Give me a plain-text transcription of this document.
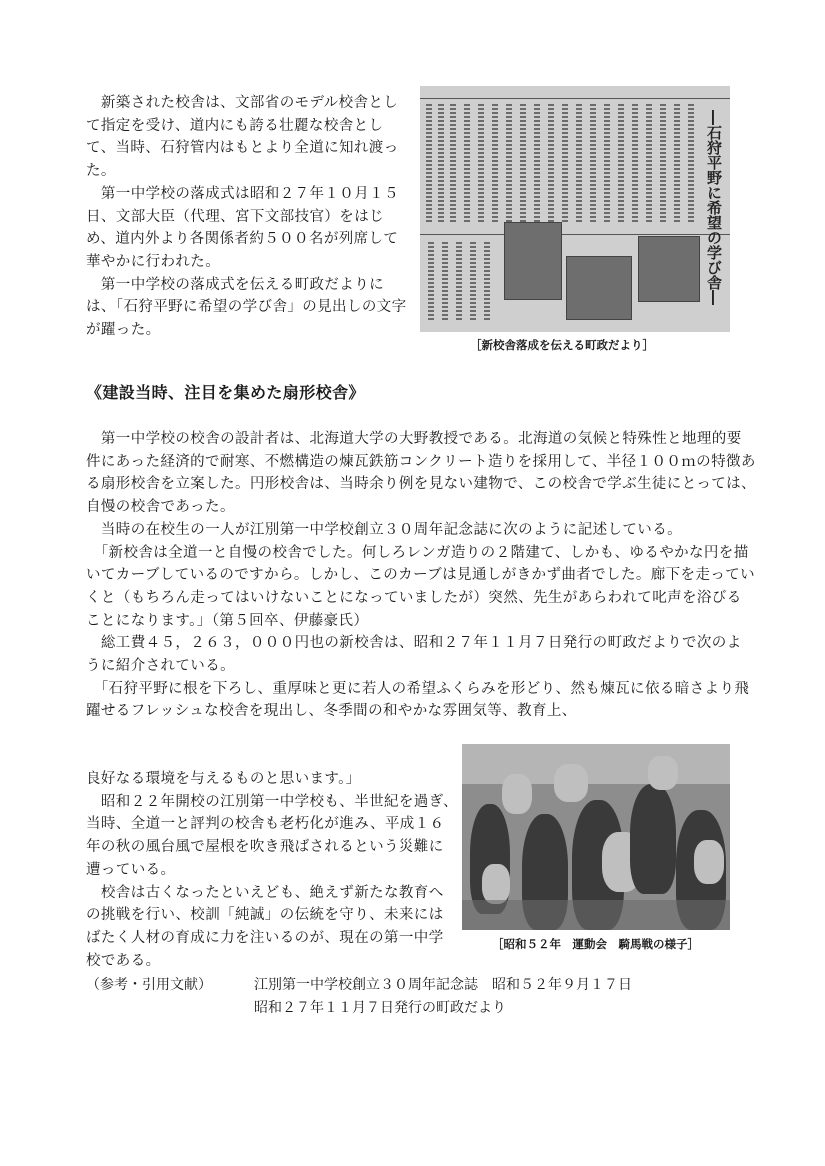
　新築された校舎は、文部省のモデル校舎として指定を受け、道内にも誇る壮麗な校舎として、当時、石狩管内はもとより全道に知れ渡った。

　第一中学校の落成式は昭和２７年１０月１５日、文部大臣（代理、宮下文部技官）をはじめ、道内外より各関係者約５００名が列席して華やかに行われた。

　第一中学校の落成式を伝える町政だよりには、「石狩平野に希望の学び舎」の見出しの文字が躍った。

―石狩平野に希望の学び舎―
［新校舎落成を伝える町政だより］
《建設当時、注目を集めた扇形校舎》

　第一中学校の校舎の設計者は、北海道大学の大野教授である。北海道の気候と特殊性と地理的要件にあった経済的で耐寒、不燃構造の煉瓦鉄筋コンクリート造りを採用して、半径１００ｍの特徴ある扇形校舎を立案した。円形校舎は、当時余り例を見ない建物で、この校舎で学ぶ生徒にとっては、自慢の校舎であった。

　当時の在校生の一人が江別第一中学校創立３０周年記念誌に次のように記述している。

　「新校舎は全道一と自慢の校舎でした。何しろレンガ造りの２階建て、しかも、ゆるやかな円を描いてカーブしているのですから。しかし、このカーブは見通しがきかず曲者でした。廊下を走っていくと（もちろん走ってはいけないことになっていましたが）突然、先生があらわれて叱声を浴びることになります。」（第５回卒、伊藤豪氏）

　総工費４５，２６３，０００円也の新校舎は、昭和２７年１１月７日発行の町政だよりで次のように紹介されている。

　「石狩平野に根を下ろし、重厚味と更に若人の希望ふくらみを形どり、然も煉瓦に依る暗さより飛躍せるフレッシュな校舎を現出し、冬季間の和やかな雰囲気等、教育上、

良好なる環境を与えるものと思います。」

　昭和２２年開校の江別第一中学校も、半世紀を過ぎ、当時、全道一と評判の校舎も老朽化が進み、平成１６年の秋の風台風で屋根を吹き飛ばされるという災難に遭っている。

　校舎は古くなったといえども、絶えず新たな教育への挑戦を行い、校訓「純誠」の伝統を守り、未来にはばたく人材の育成に力を注いるのが、現在の第一中学校である。

［昭和５２年　運動会　騎馬戦の様子］
（参考・引用文献）	江別第一中学校創立３０周年記念誌　昭和５２年９月１７日
昭和２７年１１月７日発行の町政だより
